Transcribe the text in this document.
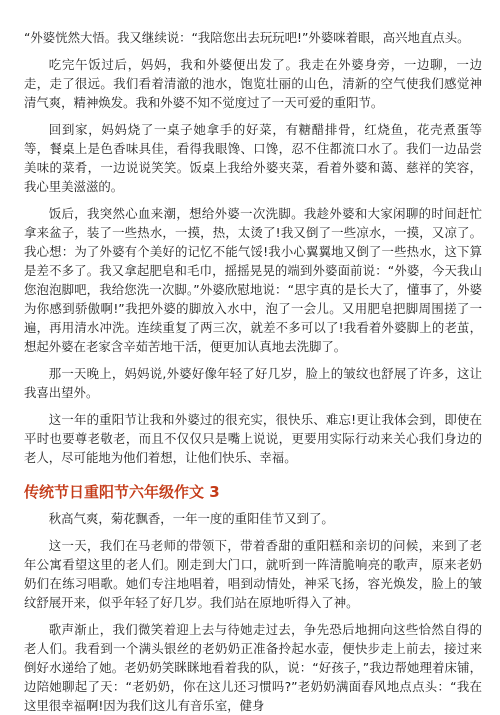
“外婆恍然大悟。我又继续说：“我陪您出去玩玩吧!”外婆咪着眼，高兴地直点头。

吃完午饭过后，妈妈，我和外婆便出发了。我走在外婆身旁，一边聊，一边走，走了很远。我们看着清澈的池水，饱览壮丽的山色，清新的空气使我们感觉神清气爽，精神焕发。我和外婆不知不觉度过了一天可爱的重阳节。

回到家，妈妈烧了一桌子她拿手的好菜，有糖醋排骨，红烧鱼，花壳煮蛋等等，餐桌上是色香味具佳，看得我眼馋、口馋，忍不住都流口水了。我们一边品尝美味的菜肴，一边说说笑笑。饭桌上我给外婆夹菜，看着外婆和蔼、慈祥的笑容，我心里美滋滋的。

饭后，我突然心血来潮，想给外婆一次洗脚。我趁外婆和大家闲聊的时间赶忙拿来盆子，装了一些热水，一摸，热，太烫了!我又倒了一些凉水，一摸，又凉了。我心想：为了外婆有个美好的记忆不能气馁!我小心翼翼地又倒了一些热水，这下算是差不多了。我又拿起肥皂和毛巾，摇摇晃晃的端到外婆面前说：“外婆，今天我山您泡泡脚吧，我给您洗一次脚。”外婆欣慰地说：“思宇真的是长大了，懂事了，外婆为你感到骄傲啊!”我把外婆的脚放入水中，泡了一会儿。又用肥皂把脚周围搓了一遍，再用清水冲洗。连续重复了两三次，就差不多可以了!我看着外婆脚上的老茧，想起外婆在老家含辛茹苦地干活，便更加认真地去洗脚了。

那一天晚上，妈妈说,外婆好像年轻了好几岁，脸上的皱纹也舒展了许多，这让我喜出望外。

这一年的重阳节让我和外婆过的很充实，很快乐、难忘!更让我体会到，即使在平时也要尊老敬老，而且不仅仅只是嘴上说说，更要用实际行动来关心我们身边的老人，尽可能地为他们着想，让他们快乐、幸福。

传统节日重阳节六年级作文 3

秋高气爽，菊花飘香，一年一度的重阳佳节又到了。

这一天，我们在马老师的带领下，带着香甜的重阳糕和亲切的问候，来到了老年公寓看望这里的老人们。刚走到大门口，就听到一阵清脆响亮的歌声，原来老奶奶们在练习唱歌。她们专注地唱着，唱到动情处，神采飞扬，容光焕发，脸上的皱纹舒展开来，似乎年轻了好几岁。我们站在原地听得入了神。

歌声渐止，我们微笑着迎上去与待她走过去，争先恐后地拥向这些恰然自得的老人们。我看到一个满头银丝的老奶奶正准备拎起水壶，便快步走上前去，接过来倒好水递给了她。老奶奶笑眯眯地看着我的队，说：“好孩子，”我边帮她理着床铺，边陪她聊起了天：“老奶奶，你在这儿还习惯吗?”老奶奶满面春风地点点头：“我在这里很幸福啊!因为我们这儿有音乐室，健身
